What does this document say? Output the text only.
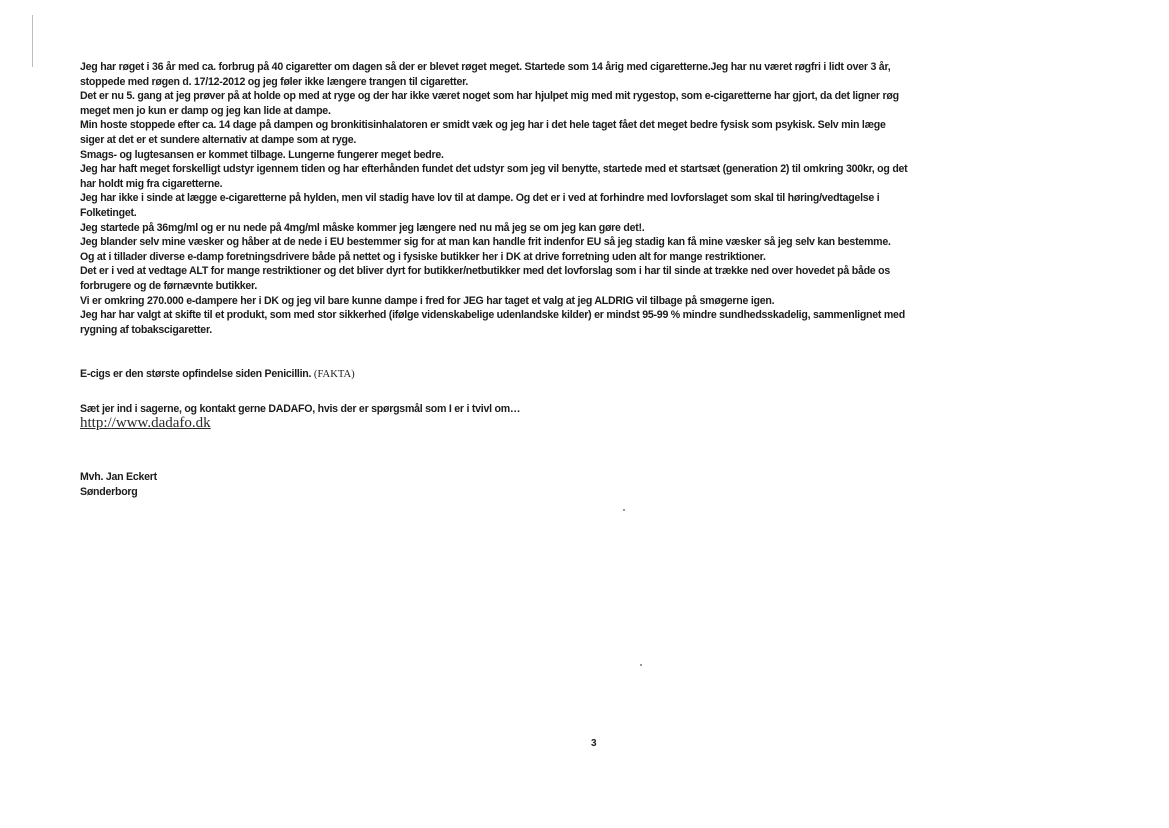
Jeg har røget i 36 år med ca. forbrug på 40 cigaretter om dagen så der er blevet røget meget. Startede som 14 årig med cigaretterne.Jeg har nu været røgfri i lidt over 3 år,
stoppede med røgen d. 17/12-2012 og jeg føler ikke længere trangen til cigaretter.
Det er nu 5. gang at jeg prøver på at holde op med at ryge og der har ikke været noget som har hjulpet mig med mit rygestop, som e-cigaretterne har gjort, da det ligner røg
meget men jo kun er damp og jeg kan lide at dampe.
Min hoste stoppede efter ca. 14 dage på dampen og bronkitisinhalatoren er smidt væk og jeg har i det hele taget fået det meget bedre fysisk som psykisk. Selv min læge
siger at det er et sundere alternativ at dampe som at ryge.
Smags- og lugtesansen er kommet tilbage. Lungerne fungerer meget bedre.
Jeg har haft meget forskelligt udstyr igennem tiden og har efterhånden fundet det udstyr som jeg vil benytte, startede med et startsæt (generation 2) til omkring 300kr, og det
har holdt mig fra cigaretterne.
Jeg har ikke i sinde at lægge e-cigaretterne på hylden, men vil stadig have lov til at dampe. Og det er i ved at forhindre med lovforslaget som skal til høring/vedtagelse i
Folketinget.
Jeg startede på 36mg/ml og er nu nede på 4mg/ml måske kommer jeg længere ned nu må jeg se om jeg kan gøre det!.
Jeg blander selv mine væsker og håber at de nede i EU bestemmer sig for at man kan handle frit indenfor EU så jeg stadig kan få mine væsker så jeg selv kan bestemme.
Og at i tillader diverse e-damp foretningsdrivere både på nettet og i fysiske butikker her i DK at drive forretning uden alt for mange restriktioner.
Det er i ved at vedtage ALT for mange restriktioner og det bliver dyrt for butikker/netbutikker med det lovforslag som i har til sinde at trække ned over hovedet på både os
forbrugere og de førnævnte butikker.
Vi er omkring 270.000 e-dampere her i DK og jeg vil bare kunne dampe i fred for JEG har taget et valg at jeg ALDRIG vil tilbage på smøgerne igen.
Jeg har har valgt at skifte til et produkt, som med stor sikkerhed (ifølge videnskabelige udenlandske kilder) er mindst 95-99 % mindre sundhedsskadelig, sammenlignet med
rygning af tobakscigaretter.
E-cigs er den største opfindelse siden Penicillin. (FAKTA)
Sæt jer ind i sagerne, og kontakt gerne DADAFO, hvis der er spørgsmål som I er i tvivl om…
http://www.dadafo.dk
Mvh. Jan Eckert
Sønderborg
3
